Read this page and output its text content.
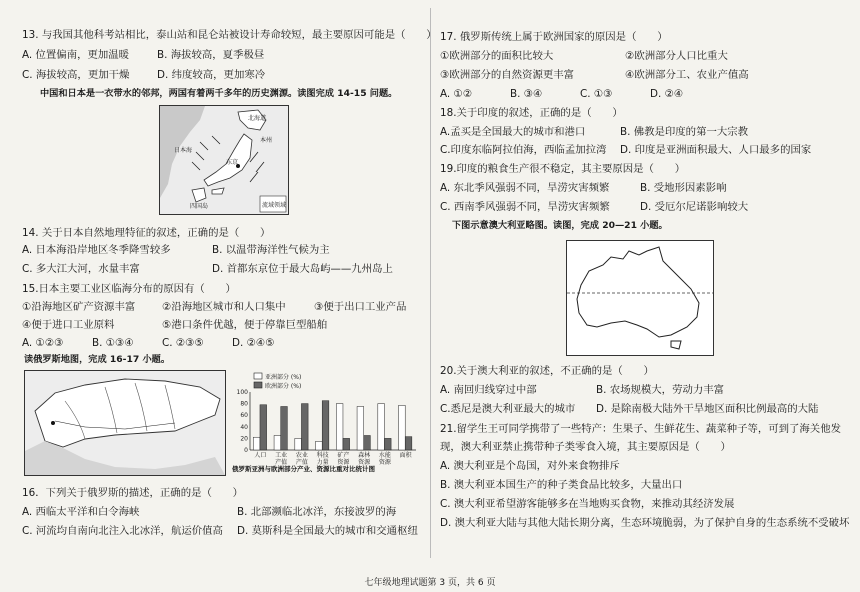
13. 与我国其他科考站相比，泰山站和昆仑站被设计寿命较短，最主要原因可能是（　　）
A. 位置偏南，更加温暖	B. 海拔较高，夏季极昼
C. 海拔较高，更加干燥	D. 纬度较高，更加寒冷
中国和日本是一衣带水的邻邦，两国有着两千多年的历史渊源。读图完成 14-15 问题。
北海道
日本海
四国岛
东京
本州
流域领域
14. 关于日本自然地理特征的叙述，正确的是（　　）
A. 日本海沿岸地区冬季降雪较多	B. 以温带海洋性气候为主
C. 多大江大河，水量丰富	D. 首都东京位于最大岛屿——九州岛上
15.日本主要工业区临海分布的原因有（　　）
①沿海地区矿产资源丰富	②沿海地区城市和人口集中	③便于出口工业产品
④便于进口工业原料	⑤港口条件优越，便于停靠巨型船舶
A. ①②③	B. ①③④	C. ②③⑤	D. ②④⑤
读俄罗斯地图，完成 16-17 小题。
亚洲部分 (%)
欧洲部分 (%)
100
80
60
40
20
0
人口 工业
产值
农业
产值
科技
力量
矿产
资源
森林
资源
水能
资源
面积
俄罗斯亚洲与欧洲部分产业、资源比重对比统计图
16．下列关于俄罗斯的描述，正确的是（　　）
A. 西临太平洋和白令海峡	B. 北部濒临北冰洋，东接波罗的海
C. 河流均自南向北注入北冰洋，航运价值高 D. 莫斯科是全国最大的城市和交通枢纽
17. 俄罗斯传统上属于欧洲国家的原因是（　　）
①欧洲部分的面积比较大	②欧洲部分人口比重大
③欧洲部分的自然资源更丰富	④欧洲部分工、农业产值高
A. ①②	B. ③④	C. ①③	D. ②④
18.关于印度的叙述，正确的是（　　）
A.孟买是全国最大的城市和港口	B. 佛教是印度的第一大宗教
C.印度东临阿拉伯海，西临孟加拉湾 D. 印度是亚洲面积最大、人口最多的国家
19.印度的粮食生产很不稳定，其主要原因是（　　）
A. 东北季风强弱不同，旱涝灾害频繁	B. 受地形因素影响
C. 西南季风强弱不同，旱涝灾害频繁	D. 受厄尔尼诺影响较大
下图示意澳大利亚略图。读图，完成 20—21 小题。
20.关于澳大利亚的叙述，不正确的是（　　）
A. 南回归线穿过中部	B. 农场规模大，劳动力丰富
C.悉尼是澳大利亚最大的城市 D. 是除南极大陆外干旱地区面积比例最高的大陆
21.留学生王可同学携带了一些特产：生果子、生鲜花生、蔬菜种子等，可到了海关他发
现，澳大利亚禁止携带种子类零食入境，其主要原因是（　　）
A. 澳大利亚是个岛国，对外来食物排斥
B. 澳大利亚本国生产的种子类食品比较多，大量出口
C. 澳大利亚希望游客能够多在当地购买食物，来推动其经济发展
D. 澳大利亚大陆与其他大陆长期分离，生态环境脆弱，为了保护自身的生态系统不受破坏
七年级地理试题第 3 页，共 6 页
